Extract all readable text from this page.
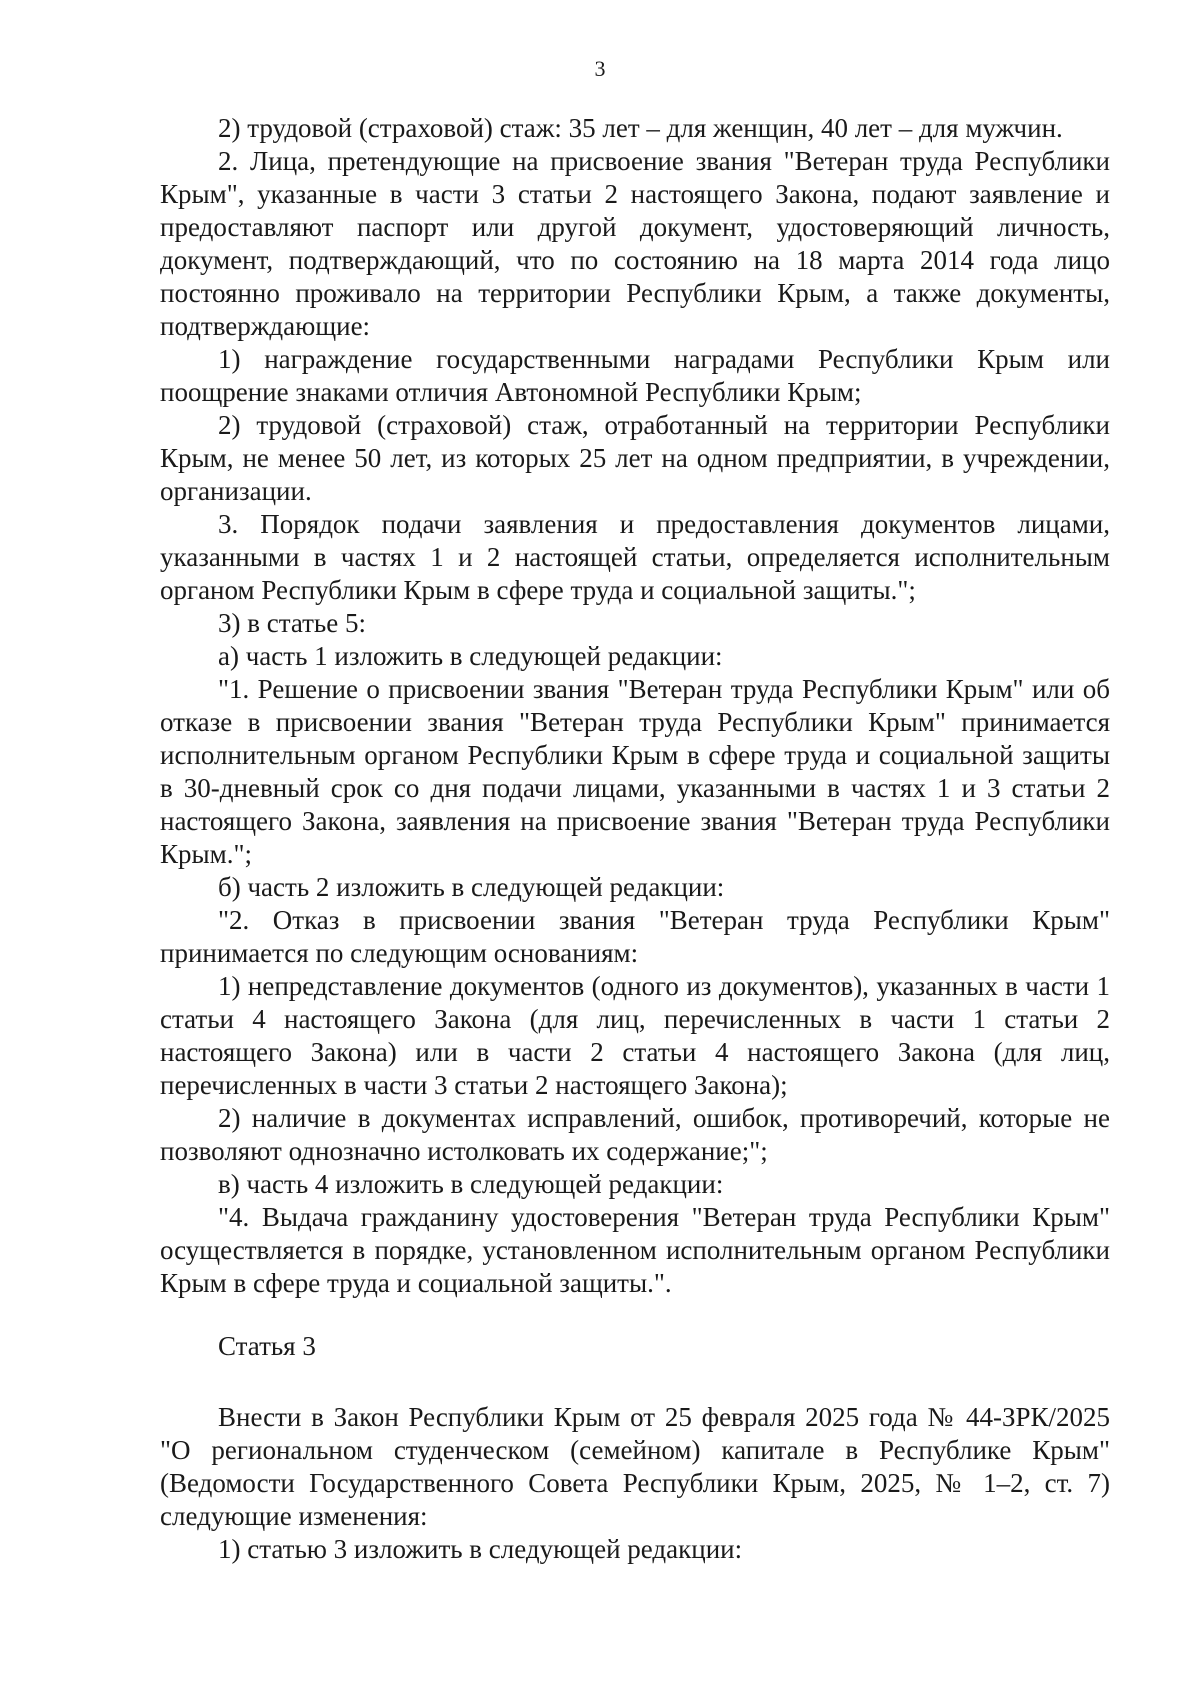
3

2) трудовой (страховой) стаж: 35 лет – для женщин, 40 лет – для мужчин.

2. Лица, претендующие на присвоение звания "Ветеран труда Республики Крым", указанные в части 3 статьи 2 настоящего Закона, подают заявление и предоставляют паспорт или другой документ, удостоверяющий личность, документ, подтверждающий, что по состоянию на 18 марта 2014 года лицо постоянно проживало на территории Республики Крым, а также документы, подтверждающие:

1) награждение государственными наградами Республики Крым или поощрение знаками отличия Автономной Республики Крым;

2) трудовой (страховой) стаж, отработанный на территории Республики Крым, не менее 50 лет, из которых 25 лет на одном предприятии, в учреждении, организации.

3. Порядок подачи заявления и предоставления документов лицами, указанными в частях 1 и 2 настоящей статьи, определяется исполнительным органом Республики Крым в сфере труда и социальной защиты.";

3) в статье 5:

а) часть 1 изложить в следующей редакции:

"1. Решение о присвоении звания "Ветеран труда Республики Крым" или об отказе в присвоении звания "Ветеран труда Республики Крым" принимается исполнительным органом Республики Крым в сфере труда и социальной защиты в 30-дневный срок со дня подачи лицами, указанными в частях 1 и 3 статьи 2 настоящего Закона, заявления на присвоение звания "Ветеран труда Республики Крым.";

б) часть 2 изложить в следующей редакции:

"2. Отказ в присвоении звания "Ветеран труда Республики Крым" принимается по следующим основаниям:

1) непредставление документов (одного из документов), указанных в части 1 статьи 4 настоящего Закона (для лиц, перечисленных в части 1 статьи 2 настоящего Закона) или в части 2 статьи 4 настоящего Закона (для лиц, перечисленных в части 3 статьи 2 настоящего Закона);

2) наличие в документах исправлений, ошибок, противоречий, которые не позволяют однозначно истолковать их содержание;";

в) часть 4 изложить в следующей редакции:

"4. Выдача гражданину удостоверения "Ветеран труда Республики Крым" осуществляется в порядке, установленном исполнительным органом Республики Крым в сфере труда и социальной защиты.".

Статья 3

Внести в Закон Республики Крым от 25 февраля 2025 года № 44-ЗРК/2025 "О региональном студенческом (семейном) капитале в Республике Крым" (Ведомости Государственного Совета Республики Крым, 2025, № 1–2, ст. 7) следующие изменения:

1) статью 3 изложить в следующей редакции:
